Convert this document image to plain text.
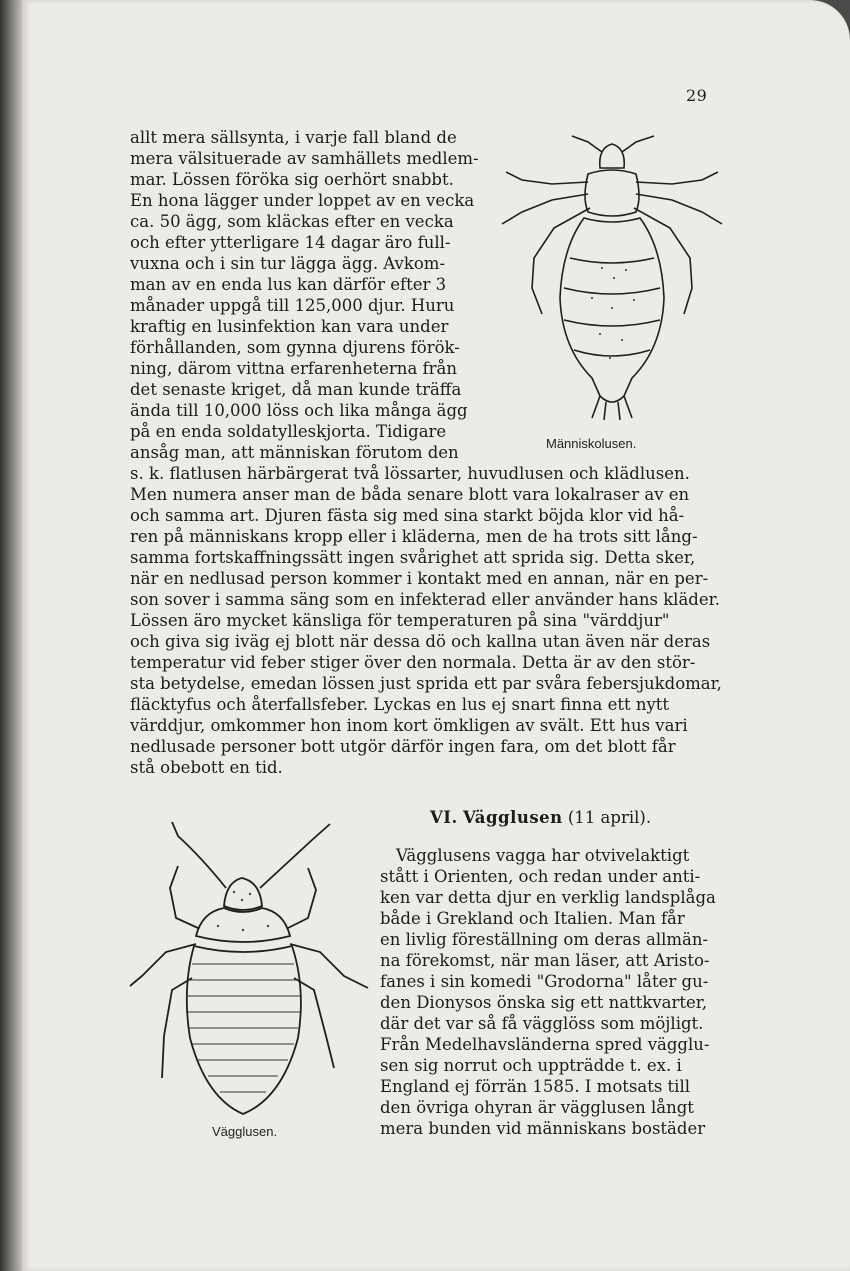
29
Människolusen.
allt mera sällsynta, i varje fall bland de
mera välsituerade av samhällets medlem-
mar. Lössen föröka sig oerhört snabbt.
En hona lägger under loppet av en vecka
ca. 50 ägg, som kläckas efter en vecka
och efter ytterligare 14 dagar äro full-
vuxna och i sin tur lägga ägg. Avkom-
man av en enda lus kan därför efter 3
månader uppgå till 125,000 djur. Huru
kraftig en lusinfektion kan vara under
förhållanden, som gynna djurens förök-
ning, därom vittna erfarenheterna från
det senaste kriget, då man kunde träffa
ända till 10,000 löss och lika många ägg
på en enda soldatylleskjorta. Tidigare
ansåg man, att människan förutom den
s. k. flatlusen härbärgerat två lössarter, huvudlusen och klädlusen.
Men numera anser man de båda senare blott vara lokalraser av en
och samma art. Djuren fästa sig med sina starkt böjda klor vid hå-
ren på människans kropp eller i kläderna, men de ha trots sitt lång-
samma fortskaffningssätt ingen svårighet att sprida sig. Detta sker,
när en nedlusad person kommer i kontakt med en annan, när en per-
son sover i samma säng som en infekterad eller använder hans kläder.
Lössen äro mycket känsliga för temperaturen på sina "värddjur"
och giva sig iväg ej blott när dessa dö och kallna utan även när deras
temperatur vid feber stiger över den normala. Detta är av den stör-
sta betydelse, emedan lössen just sprida ett par svåra febersjukdomar,
fläcktyfus och återfallsfeber. Lyckas en lus ej snart finna ett nytt
värddjur, omkommer hon inom kort ömkligen av svält. Ett hus vari
nedlusade personer bott utgör därför ingen fara, om det blott får
stå obebott en tid.
VI. Vägglusen (11 april).
Vägglusen.
Vägglusens vagga har otvivelaktigt
stått i Orienten, och redan under anti-
ken var detta djur en verklig landsplåga
både i Grekland och Italien. Man får
en livlig föreställning om deras allmän-
na förekomst, när man läser, att Aristo-
fanes i sin komedi "Grodorna" låter gu-
den Dionysos önska sig ett nattkvarter,
där det var så få vägglöss som möjligt.
Från Medelhavsländerna spred vägglu-
sen sig norrut och uppträdde t. ex. i
England ej förrän 1585. I motsats till
den övriga ohyran är vägglusen långt
mera bunden vid människans bostäder
